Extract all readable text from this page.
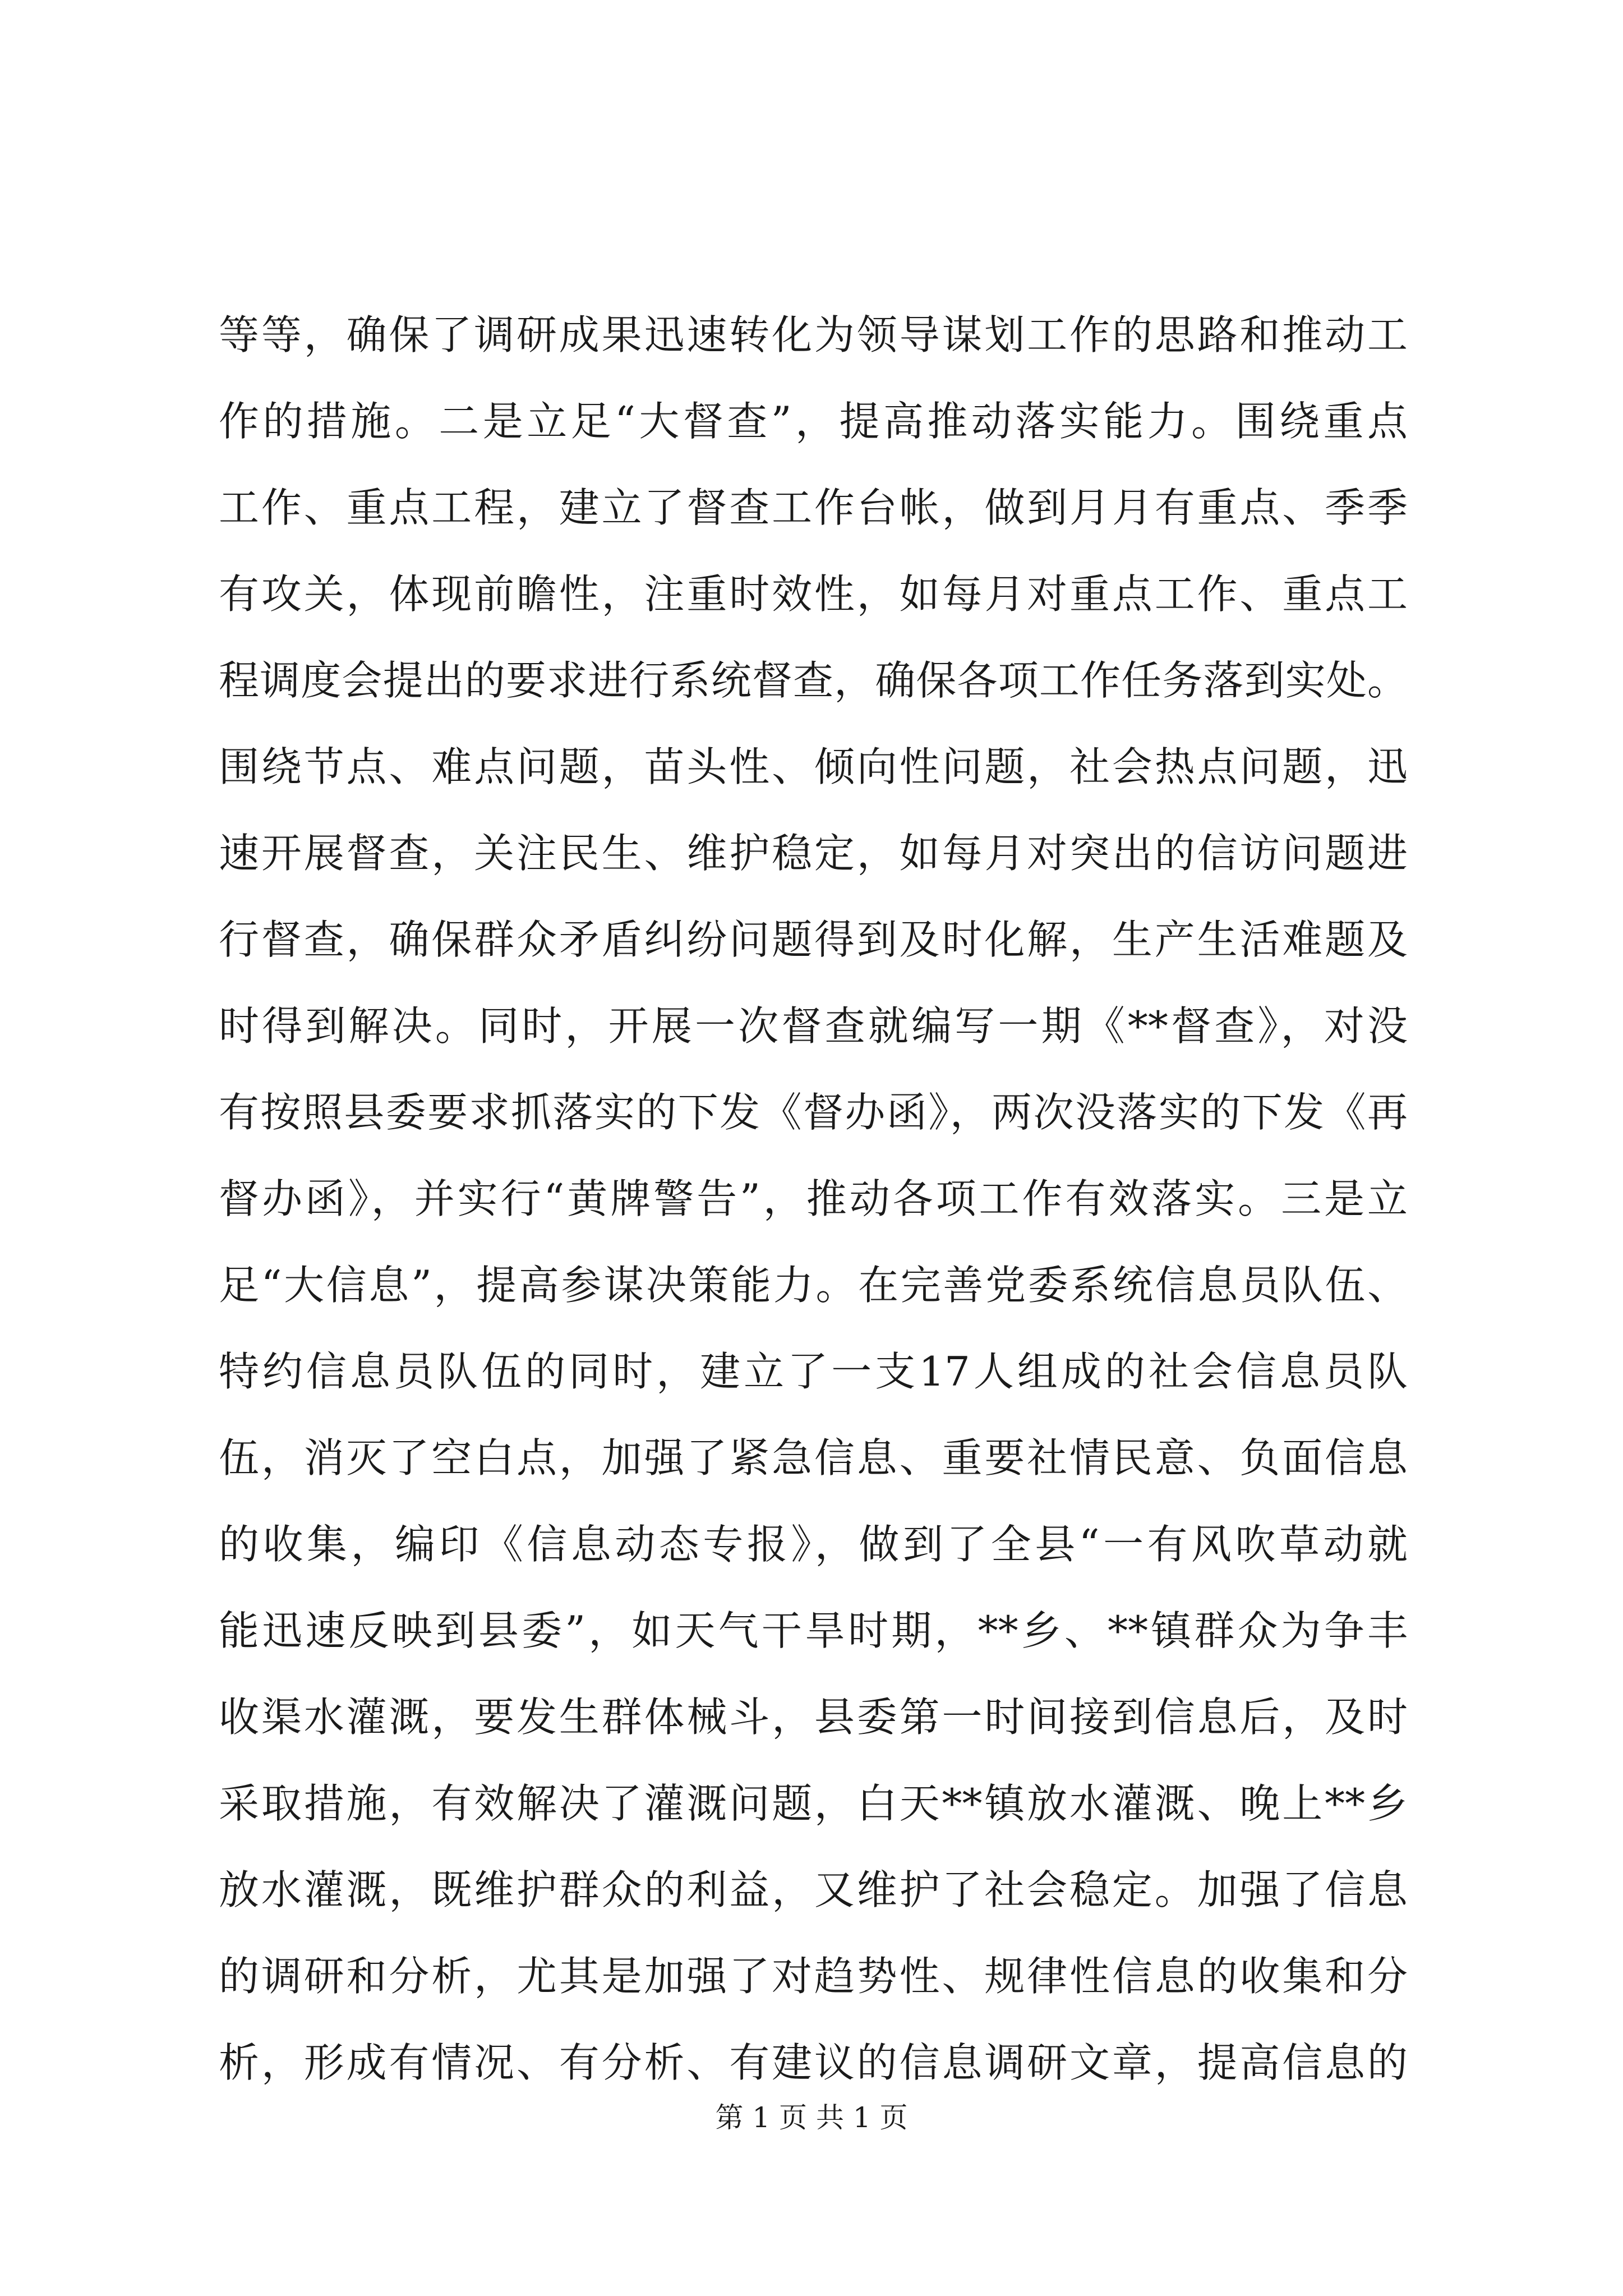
等等，确保了调研成果迅速转化为领导谋划工作的思路和推动工
作的措施。二是立足“大督查”，提高推动落实能力。围绕重点
工作、重点工程，建立了督查工作台帐，做到月月有重点、季季
有攻关，体现前瞻性，注重时效性，如每月对重点工作、重点工
程调度会提出的要求进行系统督查，确保各项工作任务落到实处。
围绕节点、难点问题，苗头性、倾向性问题，社会热点问题，迅
速开展督查，关注民生、维护稳定，如每月对突出的信访问题进
行督查，确保群众矛盾纠纷问题得到及时化解，生产生活难题及
时得到解决。同时，开展一次督查就编写一期《**督查》，对没
有按照县委要求抓落实的下发《督办函》，两次没落实的下发《再
督办函》，并实行“黄牌警告”，推动各项工作有效落实。三是立
足“大信息”，提高参谋决策能力。在完善党委系统信息员队伍、
特约信息员队伍的同时，建立了一支17人组成的社会信息员队
伍，消灭了空白点，加强了紧急信息、重要社情民意、负面信息
的收集，编印《信息动态专报》，做到了全县“一有风吹草动就
能迅速反映到县委”，如天气干旱时期，**乡、**镇群众为争丰
收渠水灌溉，要发生群体械斗，县委第一时间接到信息后，及时
采取措施，有效解决了灌溉问题，白天**镇放水灌溉、晚上**乡
放水灌溉，既维护群众的利益，又维护了社会稳定。加强了信息
的调研和分析，尤其是加强了对趋势性、规律性信息的收集和分
析，形成有情况、有分析、有建议的信息调研文章，提高信息的
第 1 页 共 1 页
